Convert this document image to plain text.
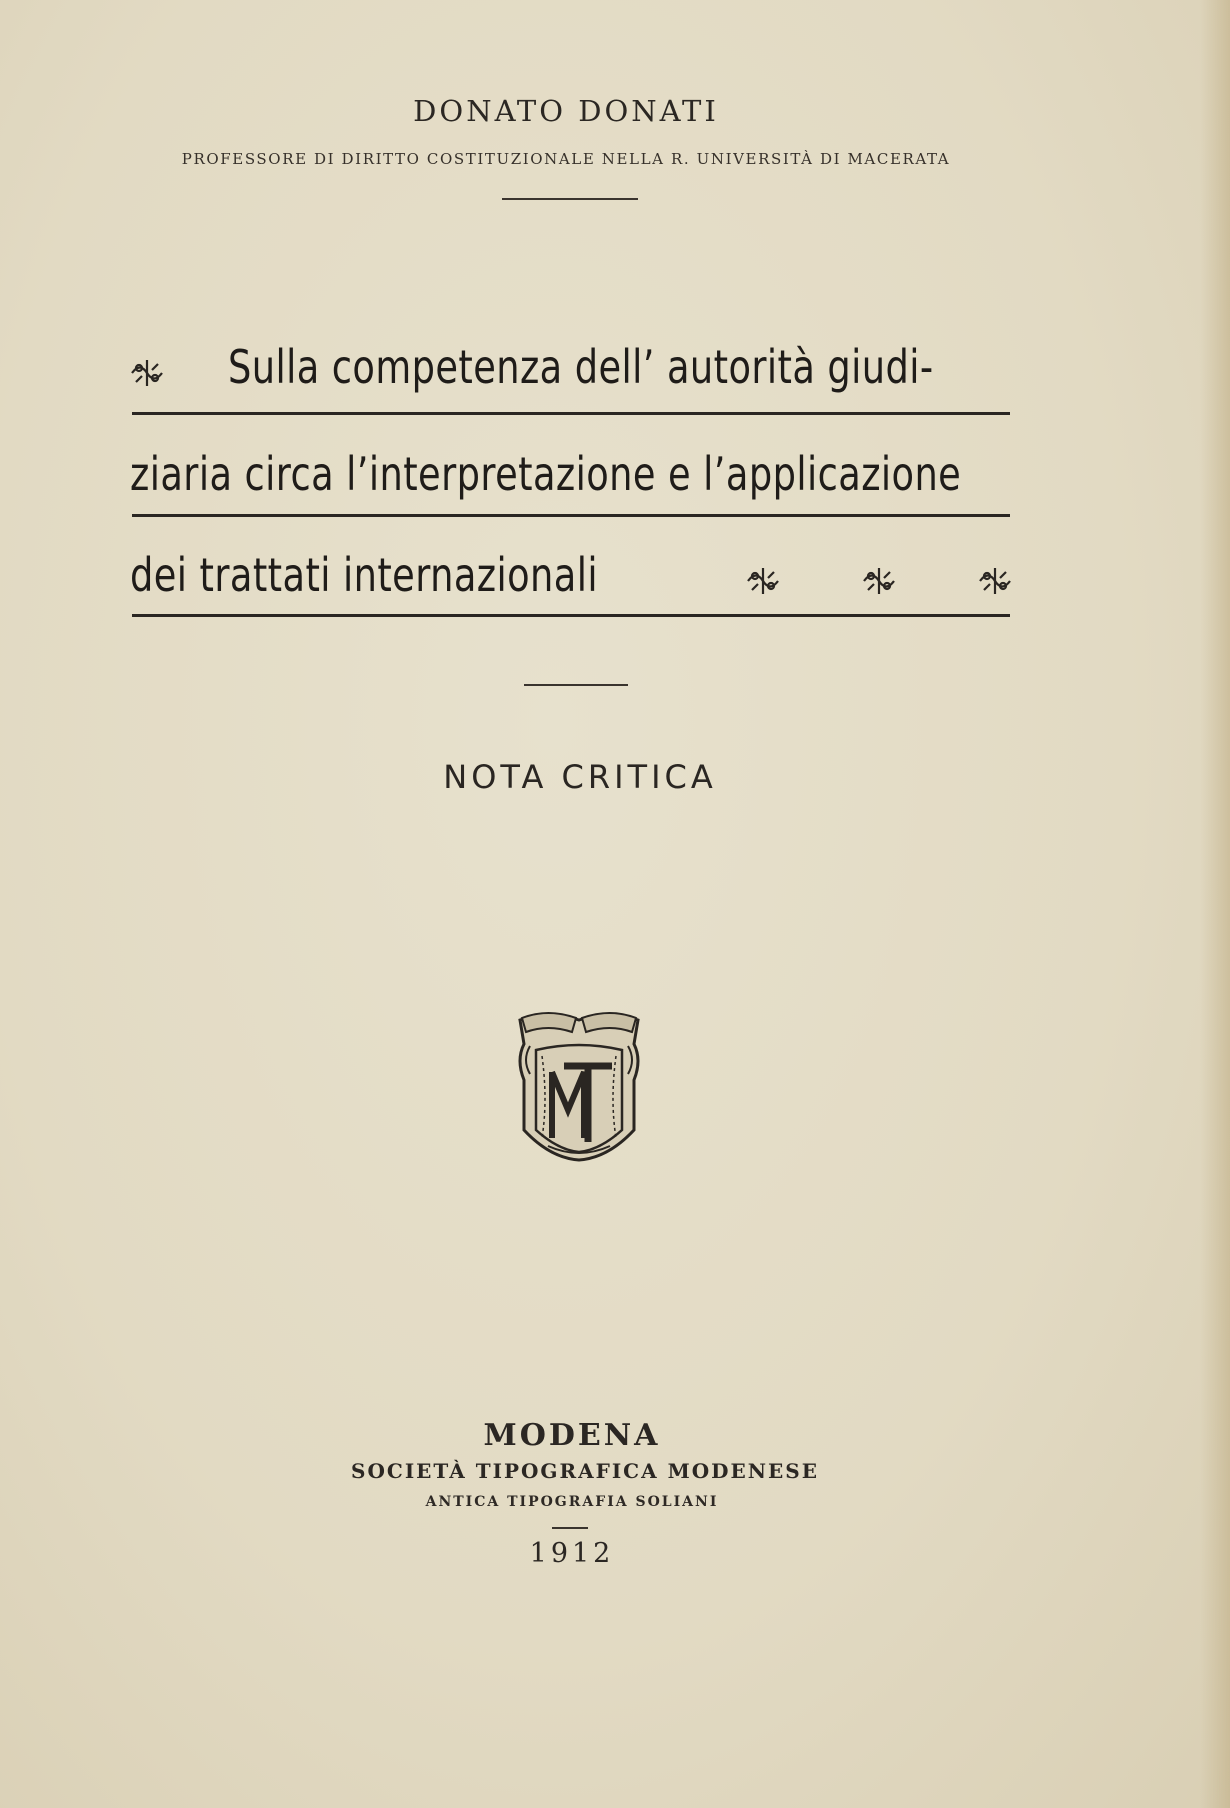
DONATO DONATI
PROFESSORE DI DIRITTO COSTITUZIONALE NELLA R. UNIVERSITÀ DI MACERATA
Sulla competenza dell’ autorità giudi-
ziaria circa l’interpretazione e l’applicazione
dei trattati internazionali
NOTA CRITICA
MODENA
SOCIETÀ TIPOGRAFICA MODENESE
ANTICA TIPOGRAFIA SOLIANI
1912
